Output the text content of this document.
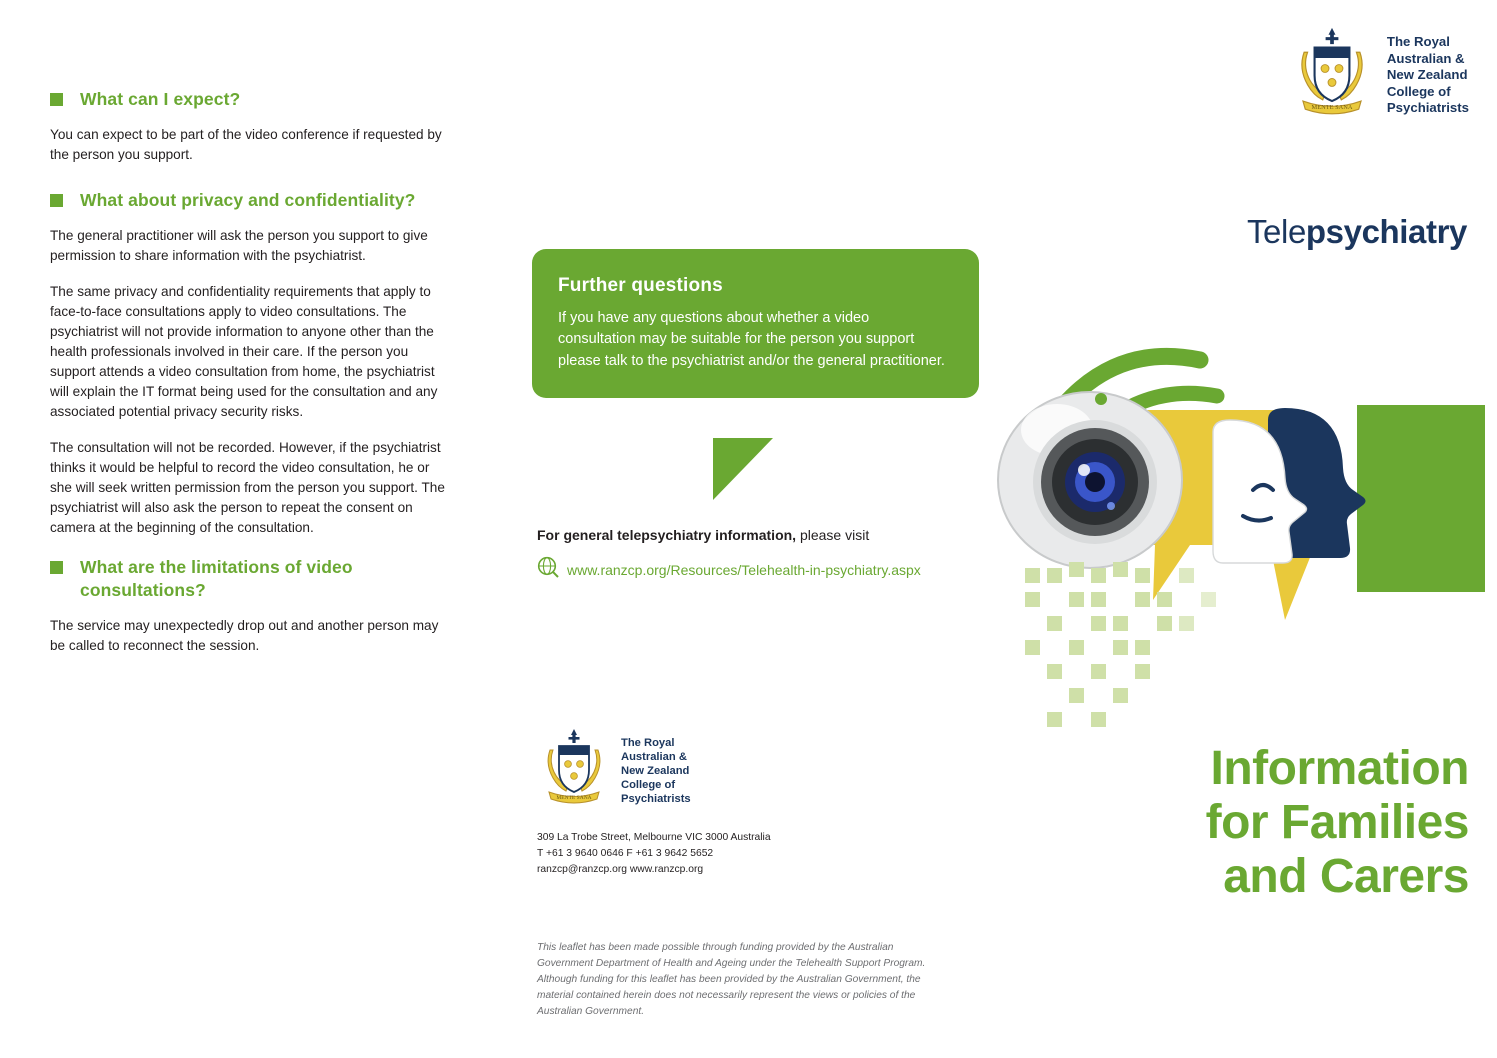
What can I expect?

You can expect to be part of the video conference if requested by the person you support.

What about privacy and confidentiality?

The general practitioner will ask the person you support to give permission to share information with the psychiatrist.

The same privacy and confidentiality requirements that apply to face-to-face consultations apply to video consultations. The psychiatrist will not provide information to anyone other than the health professionals involved in their care. If the person you support attends a video consultation from home, the psychiatrist will explain the IT format being used for the consultation and any associated potential privacy security risks.

The consultation will not be recorded. However, if the psychiatrist thinks it would be helpful to record the video consultation, he or she will seek written permission from the person you support. The psychiatrist will also ask the person to repeat the consent on camera at the beginning of the consultation.

What are the limitations of video consultations?

The service may unexpectedly drop out and another person may be called to reconnect the session.

Further questions

If you have any questions about whether a video consultation may be suitable for the person you support please talk to the psychiatrist and/or the general practitioner.

For general telepsychiatry information, please visit
www.ranzcp.org/Resources/Telehealth-in-psychiatry.aspx
MENTE SANA
The Royal
Australian &
New Zealand
College of
Psychiatrists
309 La Trobe Street, Melbourne VIC 3000 Australia
T +61 3 9640 0646 F +61 3 9642 5652
ranzcp@ranzcp.org www.ranzcp.org
This leaflet has been made possible through funding provided by the Australian Government Department of Health and Ageing under the Telehealth Support Program. Although funding for this leaflet has been provided by the Australian Government, the material contained herein does not necessarily represent the views or policies of the Australian Government.
MENTE SANA
The Royal
Australian &
New Zealand
College of
Psychiatrists
Telepsychiatry
Information
for Families
and Carers
